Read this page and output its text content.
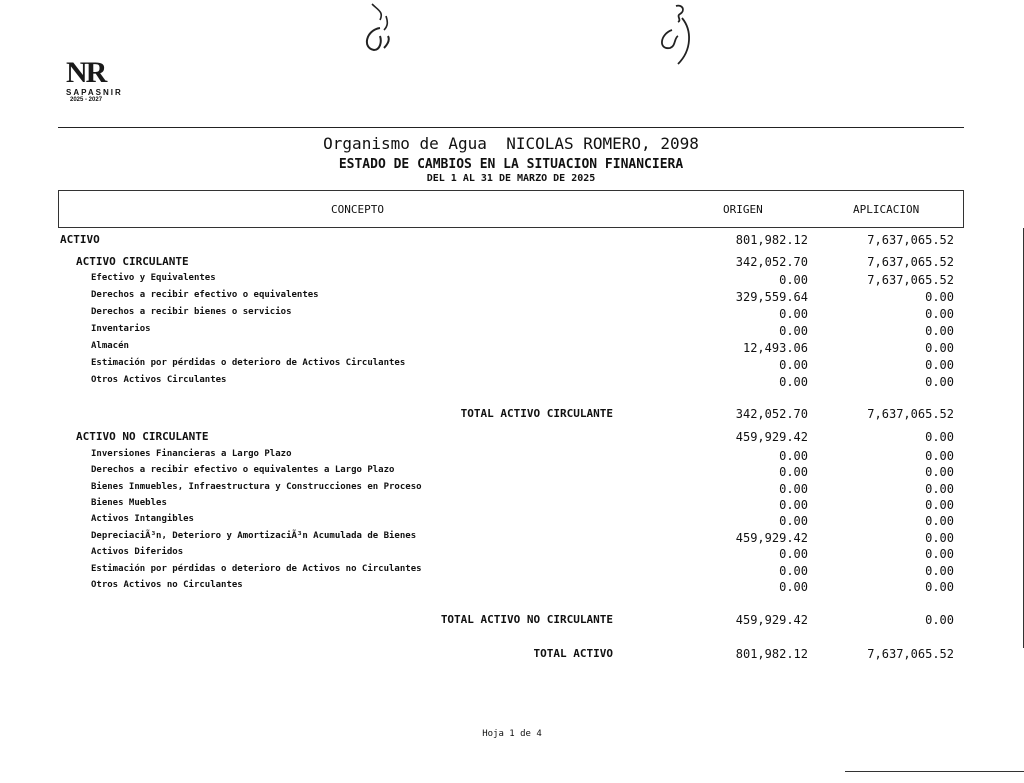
NR
SAPASNIR
2025 - 2027
Organismo de Agua NICOLAS ROMERO, 2098
ESTADO DE CAMBIOS EN LA SITUACION FINANCIERA
DEL 1 AL 31 DE MARZO DE 2025
CONCEPTO	ORIGEN	APLICACION
ACTIVO	801,982.12	7,637,065.52
ACTIVO CIRCULANTE	342,052.70	7,637,065.52
Efectivo y Equivalentes	0.00	7,637,065.52
Derechos a recibir efectivo o equivalentes	329,559.64	0.00
Derechos a recibir bienes o servicios	0.00	0.00
Inventarios	0.00	0.00
Almacén	12,493.06	0.00
Estimación por pérdidas o deterioro de Activos Circulantes	0.00	0.00
Otros Activos Circulantes	0.00	0.00
TOTAL ACTIVO CIRCULANTE	342,052.70	7,637,065.52
ACTIVO NO CIRCULANTE	459,929.42	0.00
Inversiones Financieras a Largo Plazo	0.00	0.00
Derechos a recibir efectivo o equivalentes a Largo Plazo	0.00	0.00
Bienes Inmuebles, Infraestructura y Construcciones en Proceso	0.00	0.00
Bienes Muebles	0.00	0.00
Activos Intangibles	0.00	0.00
DepreciaciÃ³n, Deterioro y AmortizaciÃ³n Acumulada de Bienes	459,929.42	0.00
Activos Diferidos	0.00	0.00
Estimación por pérdidas o deterioro de Activos no Circulantes	0.00	0.00
Otros Activos no Circulantes	0.00	0.00
TOTAL ACTIVO NO CIRCULANTE	459,929.42	0.00
TOTAL ACTIVO	801,982.12	7,637,065.52
Hoja 1 de 4
